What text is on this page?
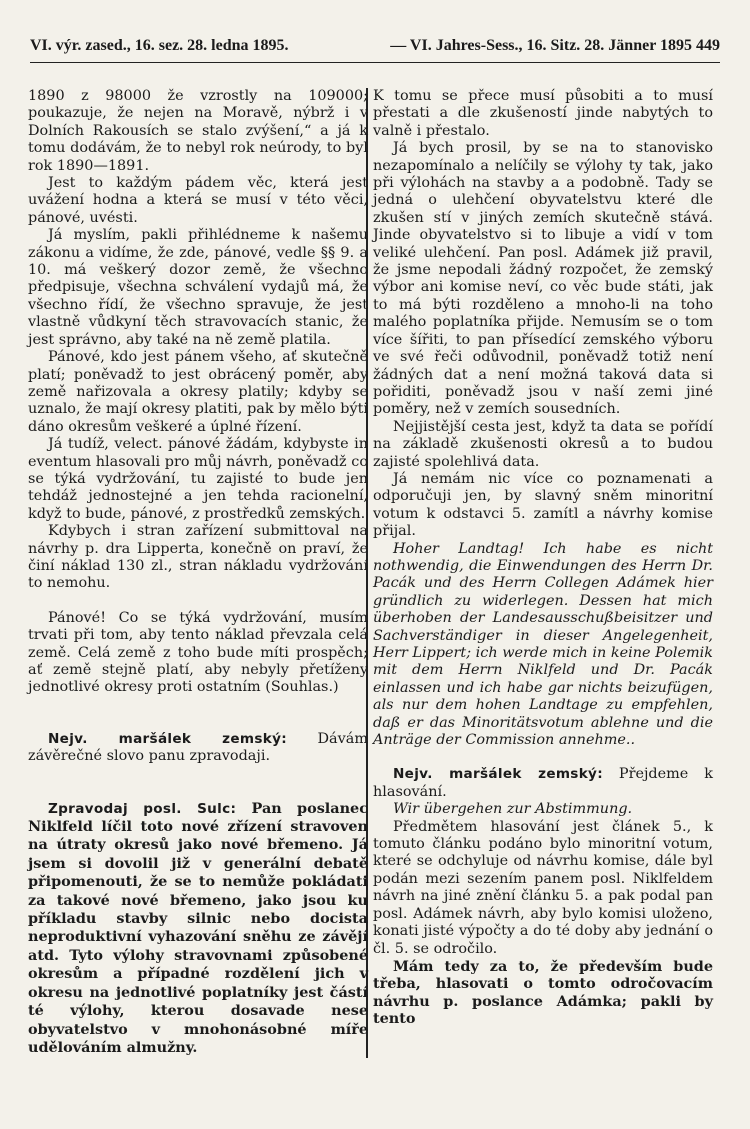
VI. výr. zased., 16. sez. 28. ledna 1895.	— VI. Jahres-Sess., 16. Sitz. 28. Jänner 1895 449

1890 z 98000 že vzrostly na 109000; poukazuje, že nejen na Moravě, nýbrž i v Dolních Rakousích se stalo zvýšení,“ a já k tomu dodávám, že to nebyl rok neúrody, to byl rok 1890—1891.

Jest to každým pádem věc, která jest uvážení hodna a která se musí v této věci, pánové, uvésti.

Já myslím, pakli přihlédneme k našemu zákonu a vidíme, že zde, pánové, vedle §§ 9. a 10. má veškerý dozor země, že všechno předpisuje, všechna schválení vydajů má, že všechno řídí, že všechno spravuje, že jest vlastně vůdkyní těch stravovacích stanic, že jest správno, aby také na ně země platila.

Pánové, kdo jest pánem všeho, ať skutečně platí; poněvadž to jest obrácený poměr, aby země nařizovala a okresy platily; kdyby se uznalo, že mají okresy platiti, pak by mělo býti dáno okresům veškeré a úplné řízení.

Já tudíž, velect. pánové žádám, kdybyste in eventum hlasovali pro můj návrh, poněvadž co se týká vydržování, tu zajisté to bude jen tehdáž jednostejné a jen tehda racionelní, když to bude, pánové, z prostředků zemských.

Kdybych i stran zařízení submittoval na návrhy p. dra Lipperta, konečně on praví, že činí náklad 130 zl., stran nákladu vydržování to nemohu.

Pánové! Co se týká vydržování, musím trvati při tom, aby tento náklad převzala celá země. Celá země z toho bude míti prospěch; ať země stejně platí, aby nebyly přetíženy jednotlivé okresy proti ostatním (Souhlas.)

Nejv. maršálek zemský: Dávám závěrečné slovo panu zpravodaji.

Zpravodaj posl. Sulc: Pan poslanec Niklfeld líčil toto nové zřízení stravoven na útraty okresů jako nové břemeno. Já jsem si dovolil již v generální debatě připomenouti, že se to nemůže pokládati za takové nové břemeno, jako jsou ku příkladu stavby silnic nebo docista neproduktivní vyhazování sněhu ze závějí atd. Tyto výlohy stravovnami způsobené okresům a případné rozdělení jich v okresu na jednotlivé poplatníky jest částí té výlohy, kterou dosavade nese obyvatelstvo v mnohonásobné míře udělováním almužny.

K tomu se přece musí působiti a to musí přestati a dle zkušeností jinde nabytých to valně i přestalo.

Já bych prosil, by se na to stanovisko nezapomínalo a nelíčily se výlohy ty tak, jako při výlohách na stavby a a podobně. Tady se jedná o ulehčení obyvatelstvu které dle zkušen stí v jiných zemích skutečně stává. Jinde obyvatelstvo si to libuje a vidí v tom veliké ulehčení. Pan posl. Adámek již pravil, že jsme nepodali žádný rozpočet, že zemský výbor ani komise neví, co věc bude státi, jak to má býti rozděleno a mnoho-li na toho malého poplatníka přijde. Nemusím se o tom více šířiti, to pan přísedící zemského výboru ve své řeči odůvodnil, poněvadž totiž není žádných dat a není možná taková data si pořiditi, poněvadž jsou v naší zemi jiné poměry, než v zemích sousedních.

Nejjistější cesta jest, když ta data se pořídí na základě zkušenosti okresů a to budou zajisté spolehlivá data.

Já nemám nic více co poznamenati a odporučuji jen, by slavný sněm minoritní votum k odstavci 5. zamítl a návrhy komise přijal.

Hoher Landtag! Ich habe es nicht nothwendig, die Einwendungen des Herrn Dr. Pacák und des Herrn Collegen Adámek hier gründlich zu widerlegen. Dessen hat mich überhoben der Landesausschußbeisitzer und Sachverständiger in dieser Angelegenheit, Herr Lippert; ich werde mich in keine Polemik mit dem Herrn Niklfeld und Dr. Pacák einlassen und ich habe gar nichts beizufügen, als nur dem hohen Landtage zu empfehlen, daß er das Minoritätsvotum ablehne und die Anträge der Commission annehme..

Nejv. maršálek zemský: Přejdeme k hlasování.

Wir übergehen zur Abstimmung.

Předmětem hlasování jest článek 5., k tomuto článku podáno bylo minoritní votum, které se odchyluje od návrhu komise, dále byl podán mezi sezením panem posl. Niklfeldem návrh na jiné znění článku 5. a pak podal pan posl. Adámek návrh, aby bylo komisi uloženo, konati jisté výpočty a do té doby aby jednání o čl. 5. se odročilo.

Mám tedy za to, že především bude třeba, hlasovati o tomto odročovacím návrhu p. poslance Adámka; pakli by tento
